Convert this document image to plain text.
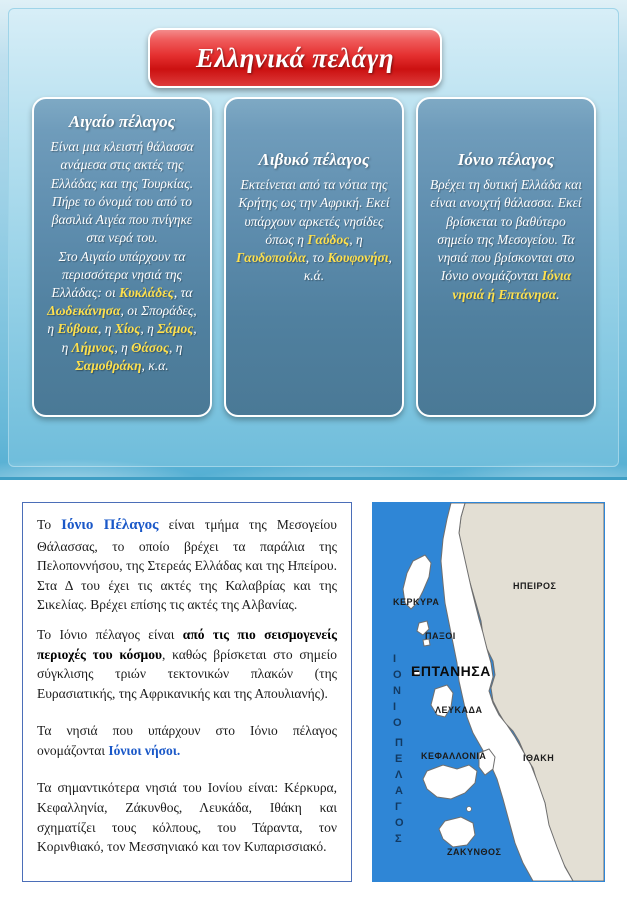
Ελληνικά πελάγη
Αιγαίο πέλαγος

Είναι μια κλειστή θάλασσα ανάμεσα στις ακτές της Ελλάδας και της Τουρκίας. Πήρε το όνομά του από το βασιλιά Αιγέα που πνίγηκε στα νερά του.
Στο Αιγαίο υπάρχουν τα περισσότερα νησιά της Ελλάδας: οι Κυκλάδες, τα Δωδεκάνησα, οι Σποράδες, η Εύβοια, η Χίος, η Σάμος, η Λήμνος, η Θάσος, η Σαμοθράκη, κ.α.

Λιβυκό πέλαγος

Εκτείνεται από τα νότια της Κρήτης ως την Αφρική. Εκεί υπάρχουν αρκετές νησίδες όπως η Γαύδος, η Γαυδοπούλα, το Κουφονήσι, κ.ά.

Ιόνιο πέλαγος

Βρέχει τη δυτική Ελλάδα και είναι ανοιχτή θάλασσα. Εκεί βρίσκεται το βαθύτερο σημείο της Μεσογείου. Τα νησιά που βρίσκονται στο Ιόνιο ονομάζονται Ιόνια νησιά ή Επτάνησα.

Το Ιόνιο Πέλαγος είναι τμήμα της Μεσογείου Θάλασσας, το οποίο βρέχει τα παράλια της Πελοποννήσου, της Στερεάς Ελλάδας και της Ηπείρου. Στα Δ του έχει τις ακτές της Καλαβρίας και της Σικελίας. Βρέχει επίσης τις ακτές της Αλβανίας.

Το Ιόνιο πέλαγος είναι από τις πιο σεισμογενείς περιοχές του κόσμου, καθώς βρίσκεται στο σημείο σύγκλισης τριών τεκτονικών πλακών (της Ευρασιατικής, της Αφρικανικής και της Απουλιανής).

Τα νησιά που υπάρχουν στο Ιόνιο πέλαγος ονομάζονται Ιόνιοι νήσοι.

Τα σημαντικότερα νησιά του Ιονίου είναι: Κέρκυρα, Κεφαλληνία, Ζάκυνθος, Λευκάδα, Ιθάκη και σχηματίζει τους κόλπους, του Τάραντα, τον Κορινθιακό, τον Μεσσηνιακό και τον Κυπαρισσιακό.

ΚΕΡΚΥΡΑ
ΗΠΕΙΡΟΣ
ΠΑΞΟΙ
ΛΕΥΚΑΔΑ
ΚΕΦΑΛΛΟΝΙΑ	ΙΘΑΚΗ
ΖΑΚΥΝΘΟΣ
ΕΠΤΑΝΗΣΑ
Ι
Ο
Ν
Ι
Ο
Π
Ε
Λ
Α
Γ
Ο
Σ
